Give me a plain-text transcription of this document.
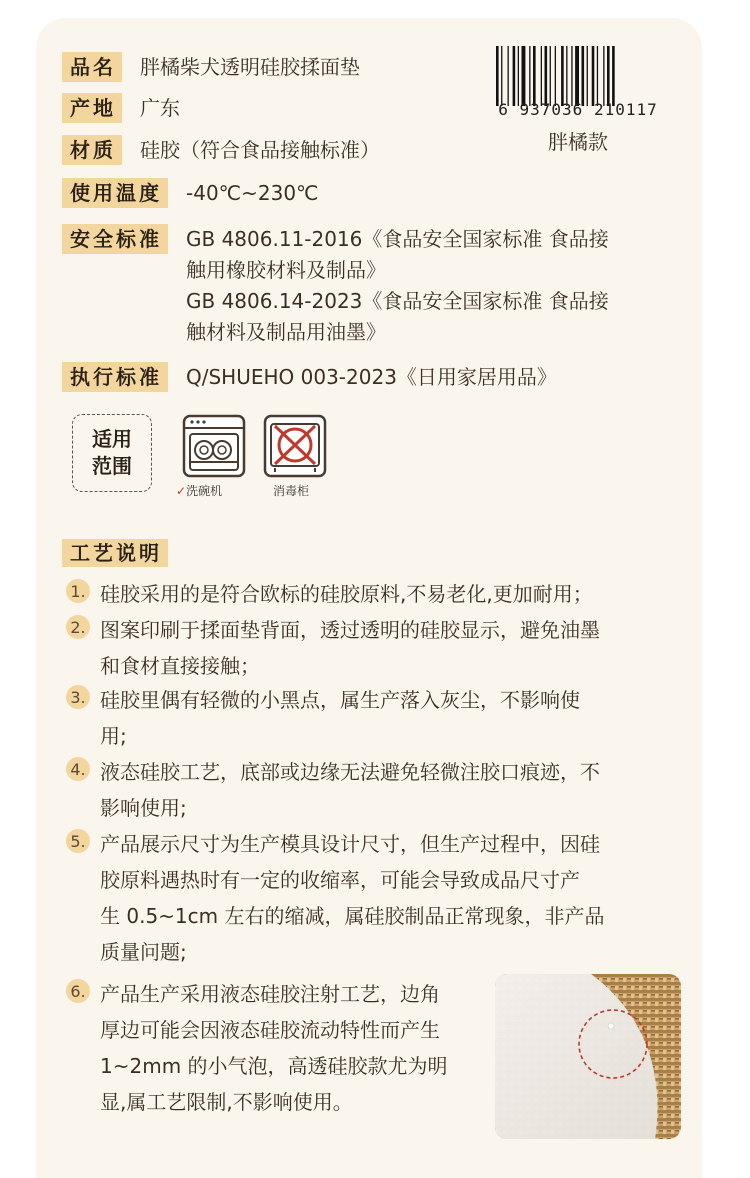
品名	胖橘柴犬透明硅胶揉面垫
产地	广东
材质	硅胶（符合食品接触标准）
使用温度	-40℃~230℃
安全标准	GB 4806.11-2016《食品安全国家标准 食品接
触用橡胶材料及制品》
GB 4806.14-2023《食品安全国家标准 食品接
触材料及制品用油墨》
执行标准	Q/SHUEHO 003-2023《日用家居用品》
6 937036 210117
胖橘款
适用
范围
✓洗碗机	消毒柜
工艺说明
1. 硅胶采用的是符合欧标的硅胶原料,不易老化,更加耐用；
2. 图案印刷于揉面垫背面，透过透明的硅胶显示，避免油墨
和食材直接接触；
3. 硅胶里偶有轻微的小黑点，属生产落入灰尘，不影响使
用;
4. 液态硅胶工艺，底部或边缘无法避免轻微注胶口痕迹，不
影响使用;
5. 产品展示尺寸为生产模具设计尺寸，但生产过程中，因硅
胶原料遇热时有一定的收缩率，可能会导致成品尺寸产
生 0.5~1cm 左右的缩减，属硅胶制品正常现象，非产品
质量问题;
6. 产品生产采用液态硅胶注射工艺，边角
厚边可能会因液态硅胶流动特性而产生
1~2mm 的小气泡，高透硅胶款尤为明
显,属工艺限制,不影响使用。
